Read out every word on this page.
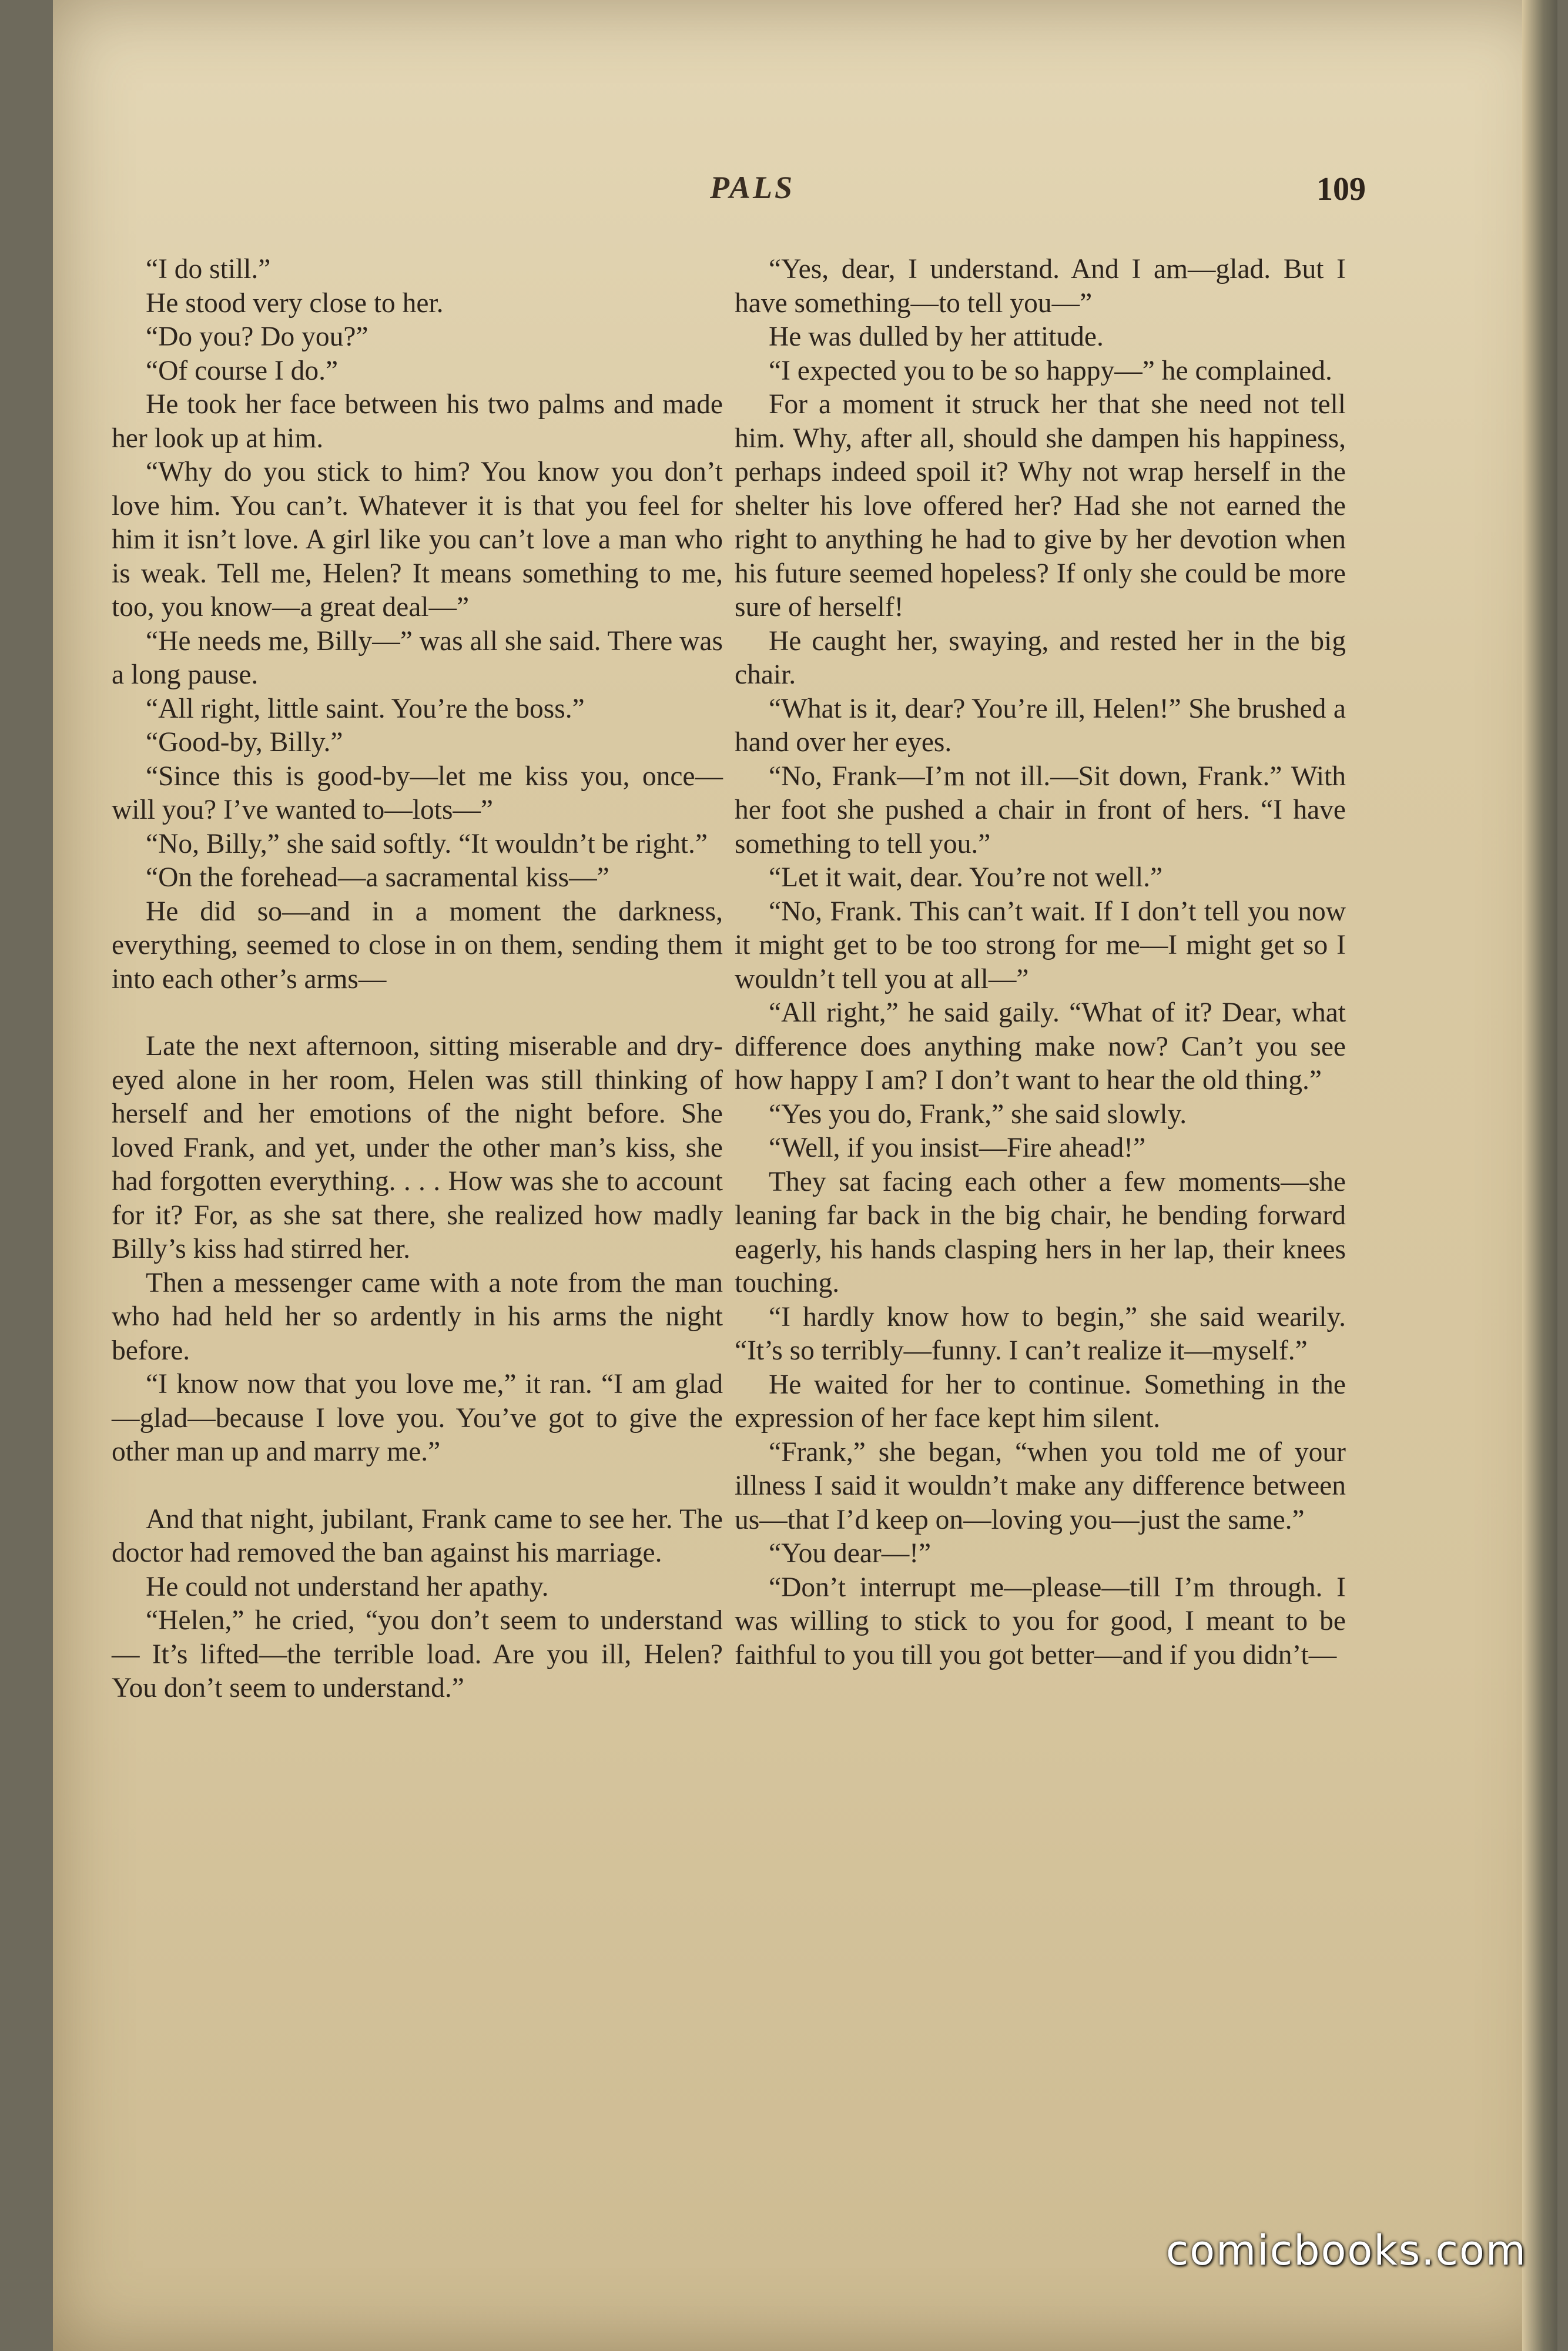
PALS	109

“I do still.”

He stood very close to her.

“Do you? Do you?”

“Of course I do.”

He took her face between his two palms and made her look up at him.

“Why do you stick to him? You know you don’t love him. You can’t. Whatever it is that you feel for him it isn’t love. A girl like you can’t love a man who is weak. Tell me, Helen? It means something to me, too, you know—a great deal—”

“He needs me, Billy—” was all she said. There was a long pause.

“All right, little saint. You’re the boss.”

“Good-by, Billy.”

“Since this is good-by—let me kiss you, once—will you? I’ve wanted to—lots—”

“No, Billy,” she said softly. “It wouldn’t be right.”

“On the forehead—a sacramental kiss—”

He did so—and in a moment the darkness, everything, seemed to close in on them, sending them into each other’s arms—

Late the next afternoon, sitting miserable and dry-eyed alone in her room, Helen was still thinking of herself and her emotions of the night before. She loved Frank, and yet, under the other man’s kiss, she had forgotten everything. . . . How was she to account for it? For, as she sat there, she realized how madly Billy’s kiss had stirred her.

Then a messenger came with a note from the man who had held her so ardently in his arms the night before.

“I know now that you love me,” it ran. “I am glad—glad—because I love you. You’ve got to give the other man up and marry me.”

And that night, jubilant, Frank came to see her. The doctor had removed the ban against his marriage.

He could not understand her apathy.

“Helen,” he cried, “you don’t seem to understand— It’s lifted—the terrible load. Are you ill, Helen? You don’t seem to understand.”

“Yes, dear, I understand. And I am—glad. But I have something—to tell you—”

He was dulled by her attitude.

“I expected you to be so happy—” he complained.

For a moment it struck her that she need not tell him. Why, after all, should she dampen his happiness, perhaps indeed spoil it? Why not wrap herself in the shelter his love offered her? Had she not earned the right to anything he had to give by her devotion when his future seemed hopeless? If only she could be more sure of herself!

He caught her, swaying, and rested her in the big chair.

“What is it, dear? You’re ill, Helen!” She brushed a hand over her eyes.

“No, Frank—I’m not ill.—Sit down, Frank.” With her foot she pushed a chair in front of hers. “I have something to tell you.”

“Let it wait, dear. You’re not well.”

“No, Frank. This can’t wait. If I don’t tell you now it might get to be too strong for me—I might get so I wouldn’t tell you at all—”

“All right,” he said gaily. “What of it? Dear, what difference does anything make now? Can’t you see how happy I am? I don’t want to hear the old thing.”

“Yes you do, Frank,” she said slowly.

“Well, if you insist—Fire ahead!”

They sat facing each other a few moments—she leaning far back in the big chair, he bending forward eagerly, his hands clasping hers in her lap, their knees touching.

“I hardly know how to begin,” she said wearily. “It’s so terribly—funny. I can’t realize it—myself.”

He waited for her to continue. Something in the expression of her face kept him silent.

“Frank,” she began, “when you told me of your illness I said it wouldn’t make any difference between us—that I’d keep on—loving you—just the same.”

“You dear—!”

“Don’t interrupt me—please—till I’m through. I was willing to stick to you for good, I meant to be faithful to you till you got better—and if you didn’t—

comicbooks.com
